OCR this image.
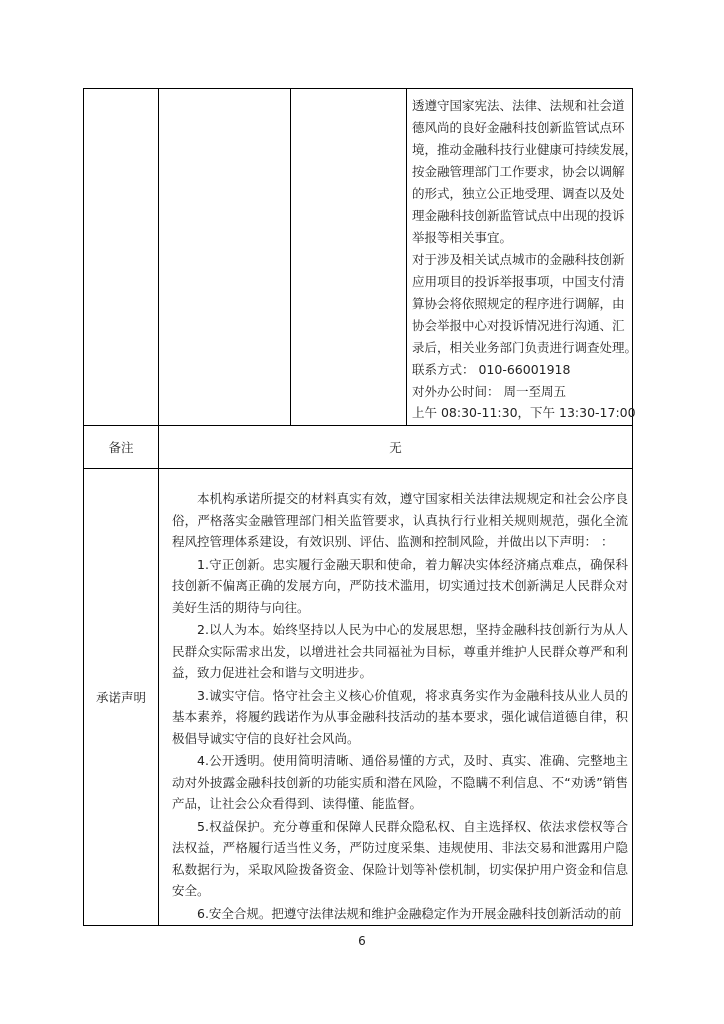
透遵守国家宪法、法律、法规和社会道
德风尚的良好金融科技创新监管试点环
境，推动金融科技行业健康可持续发展，
按金融管理部门工作要求，协会以调解
的形式，独立公正地受理、调查以及处
理金融科技创新监管试点中出现的投诉
举报等相关事宜。
对于涉及相关试点城市的金融科技创新
应用项目的投诉举报事项，中国支付清
算协会将依照规定的程序进行调解，由
协会举报中心对投诉情况进行沟通、汇
录后，相关业务部门负责进行调查处理。
联系方式： 010-66001918
对外办公时间： 周一至周五
上午 08:30-11:30，下午 13:30-17:00
备注	无
承诺声明

本机构承诺所提交的材料真实有效，遵守国家相关法律法规规定和社会公序良俗，严格落实金融管理部门相关监管要求，认真执行行业相关规则规范，强化全流程风控管理体系建设，有效识别、评估、监测和控制风险，并做出以下声明： ：

1.守正创新。忠实履行金融天职和使命，着力解决实体经济痛点难点，确保科技创新不偏离正确的发展方向，严防技术滥用，切实通过技术创新满足人民群众对美好生活的期待与向往。

2.以人为本。始终坚持以人民为中心的发展思想，坚持金融科技创新行为从人民群众实际需求出发，以增进社会共同福祉为目标，尊重并维护人民群众尊严和利益，致力促进社会和谐与文明进步。

3.诚实守信。恪守社会主义核心价值观，将求真务实作为金融科技从业人员的基本素养，将履约践诺作为从事金融科技活动的基本要求，强化诚信道德自律，积极倡导诚实守信的良好社会风尚。

4.公开透明。使用简明清晰、通俗易懂的方式，及时、真实、准确、完整地主动对外披露金融科技创新的功能实质和潜在风险，不隐瞒不利信息、不“劝诱”销售产品，让社会公众看得到、读得懂、能监督。

5.权益保护。充分尊重和保障人民群众隐私权、自主选择权、依法求偿权等合法权益，严格履行适当性义务，严防过度采集、违规使用、非法交易和泄露用户隐私数据行为，采取风险拨备资金、保险计划等补偿机制，切实保护用户资金和信息安全。

6.安全合规。把遵守法律法规和维护金融稳定作为开展金融科技创新活动的前

6
